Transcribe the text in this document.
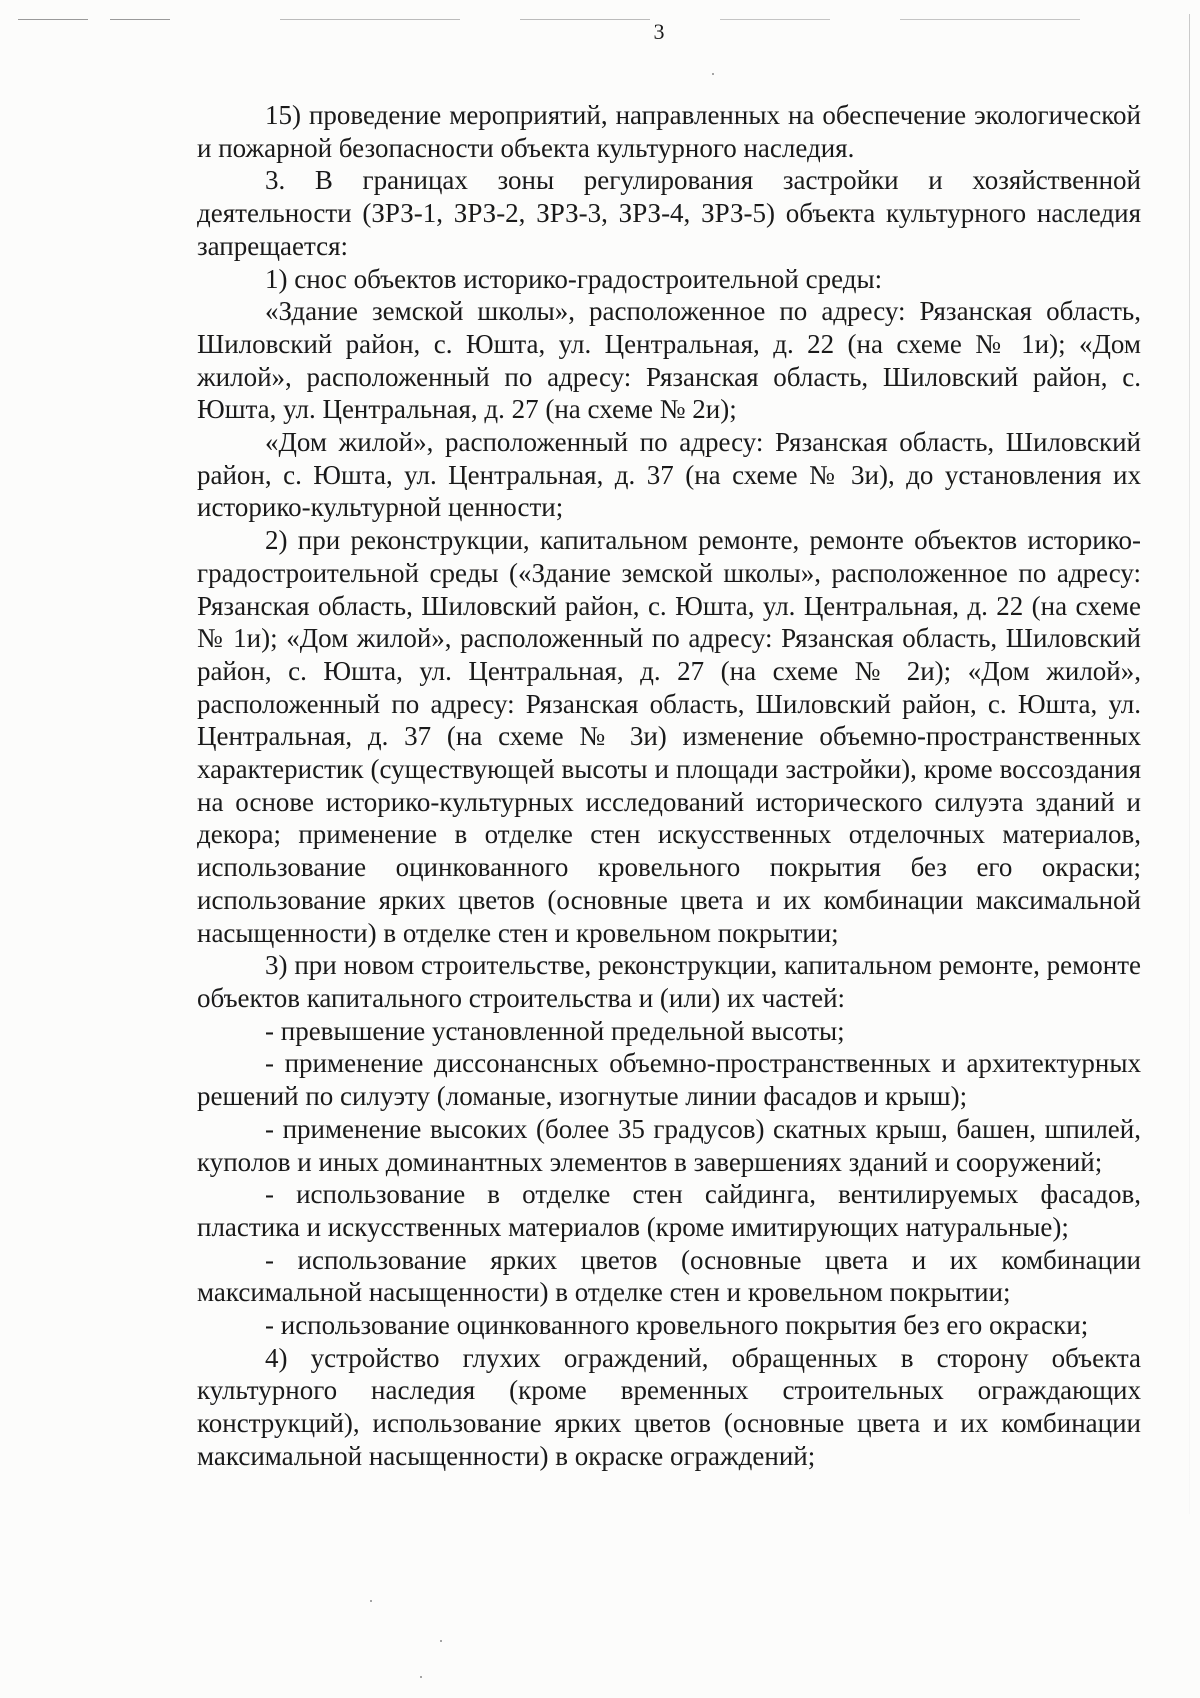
3

15) проведение мероприятий, направленных на обеспечение экологической и пожарной безопасности объекта культурного наследия.

3. В границах зоны регулирования застройки и хозяйственной деятельности (ЗРЗ-1, ЗРЗ-2, ЗРЗ-3, ЗРЗ-4, ЗРЗ-5) объекта культурного наследия запрещается:

1) снос объектов историко-градостроительной среды:

«Здание земской школы», расположенное по адресу: Рязанская область, Шиловский район, с. Юшта, ул. Центральная, д. 22 (на схеме № 1и); «Дом жилой», расположенный по адресу: Рязанская область, Шиловский район, с. Юшта, ул. Центральная, д. 27 (на схеме № 2и);

«Дом жилой», расположенный по адресу: Рязанская область, Шиловский район, с. Юшта, ул. Центральная, д. 37 (на схеме № 3и), до установления их историко-культурной ценности;

2) при реконструкции, капитальном ремонте, ремонте объектов историко-градостроительной среды («Здание земской школы», расположенное по адресу: Рязанская область, Шиловский район, с. Юшта, ул. Центральная, д. 22 (на схеме № 1и); «Дом жилой», расположенный по адресу: Рязанская область, Шиловский район, с. Юшта, ул. Центральная, д. 27 (на схеме № 2и); «Дом жилой», расположенный по адресу: Рязанская область, Шиловский район, с. Юшта, ул. Центральная, д. 37 (на схеме № 3и) изменение объемно-пространственных характеристик (существующей высоты и площади застройки), кроме воссоздания на основе историко-культурных исследований исторического силуэта зданий и декора; применение в отделке стен искусственных отделочных материалов, использование оцинкованного кровельного покрытия без его окраски; использование ярких цветов (основные цвета и их комбинации максимальной насыщенности) в отделке стен и кровельном покрытии;

3) при новом строительстве, реконструкции, капитальном ремонте, ремонте объектов капитального строительства и (или) их частей:

- превышение установленной предельной высоты;

- применение диссонансных объемно-пространственных и архитектурных решений по силуэту (ломаные, изогнутые линии фасадов и крыш);

- применение высоких (более 35 градусов) скатных крыш, башен, шпилей, куполов и иных доминантных элементов в завершениях зданий и сооружений;

- использование в отделке стен сайдинга, вентилируемых фасадов, пластика и искусственных материалов (кроме имитирующих натуральные);

- использование ярких цветов (основные цвета и их комбинации максимальной насыщенности) в отделке стен и кровельном покрытии;

- использование оцинкованного кровельного покрытия без его окраски;

4) устройство глухих ограждений, обращенных в сторону объекта культурного наследия (кроме временных строительных ограждающих конструкций), использование ярких цветов (основные цвета и их комбинации максимальной насыщенности) в окраске ограждений;
